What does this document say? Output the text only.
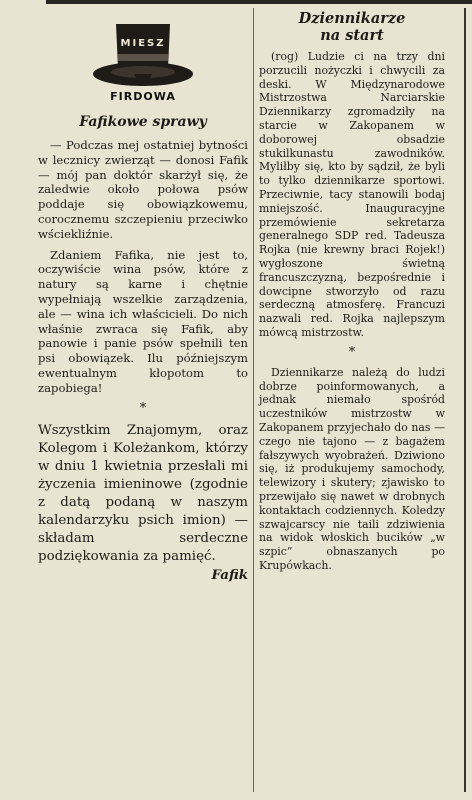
MIESZ
FIRDOWA
Fafikowe sprawy

— Podczas mej ostatniej bytności w lecznicy zwierząt — donosi Fafik — mój pan doktór skarżył się, że zaledwie około połowa psów poddaje się obowiązkowemu, corocznemu szczepieniu przeciwko wściekliźnie.

Zdaniem Fafika, nie jest to, oczywiście wina psów, które z natury są karne i chętnie wypełniają wszelkie zarządzenia, ale — wina ich właścicieli. Do nich właśnie zwraca się Fafik, aby panowie i panie psów spełnili ten psi obowiązek. Ilu późniejszym ewentualnym kłopotom to zapobiega!

*

Wszystkim Znajomym, oraz Kolegom i Koleżankom, którzy w dniu 1 kwietnia przesłali mi życzenia imieninowe (zgodnie z datą podaną w naszym kalendarzyku psich imion) — składam serdeczne podziękowania za pamięć.
Fafik

Dziennikarze
na start

(rog) Ludzie ci na trzy dni porzucili nożyczki i chwycili za deski. W Międzynarodowe Mistrzostwa Narciarskie Dziennikarzy zgromadziły na starcie w Zakopanem w doborowej obsadzie stukilkunastu zawodników. Myliłby się, kto by sądził, że byli to tylko dziennikarze sportowi. Przeciwnie, tacy stanowili bodaj mniejszość. Inauguracyjne przemówienie sekretarza generalnego SDP red. Tadeusza Rojka (nie krewny braci Rojek!) wygłoszone świetną francuszczyzną, bezpośrednie i dowcipne stworzyło od razu serdeczną atmosferę. Francuzi nazwali red. Rojka najlepszym mówcą mistrzostw.

*

Dziennikarze należą do ludzi dobrze poinformowanych, a jednak niemało spośród uczestników mistrzostw w Zakopanem przyjechało do nas — czego nie tajono — z bagażem fałszywych wyobrażeń. Dziwiono się, iż produkujemy samochody, telewizory i skutery; zjawisko to przewijało się nawet w drobnych kontaktach codziennych. Koledzy szwajcarscy nie taili zdziwienia na widok włoskich bucików „w szpic” obnaszanych po Krupówkach.
